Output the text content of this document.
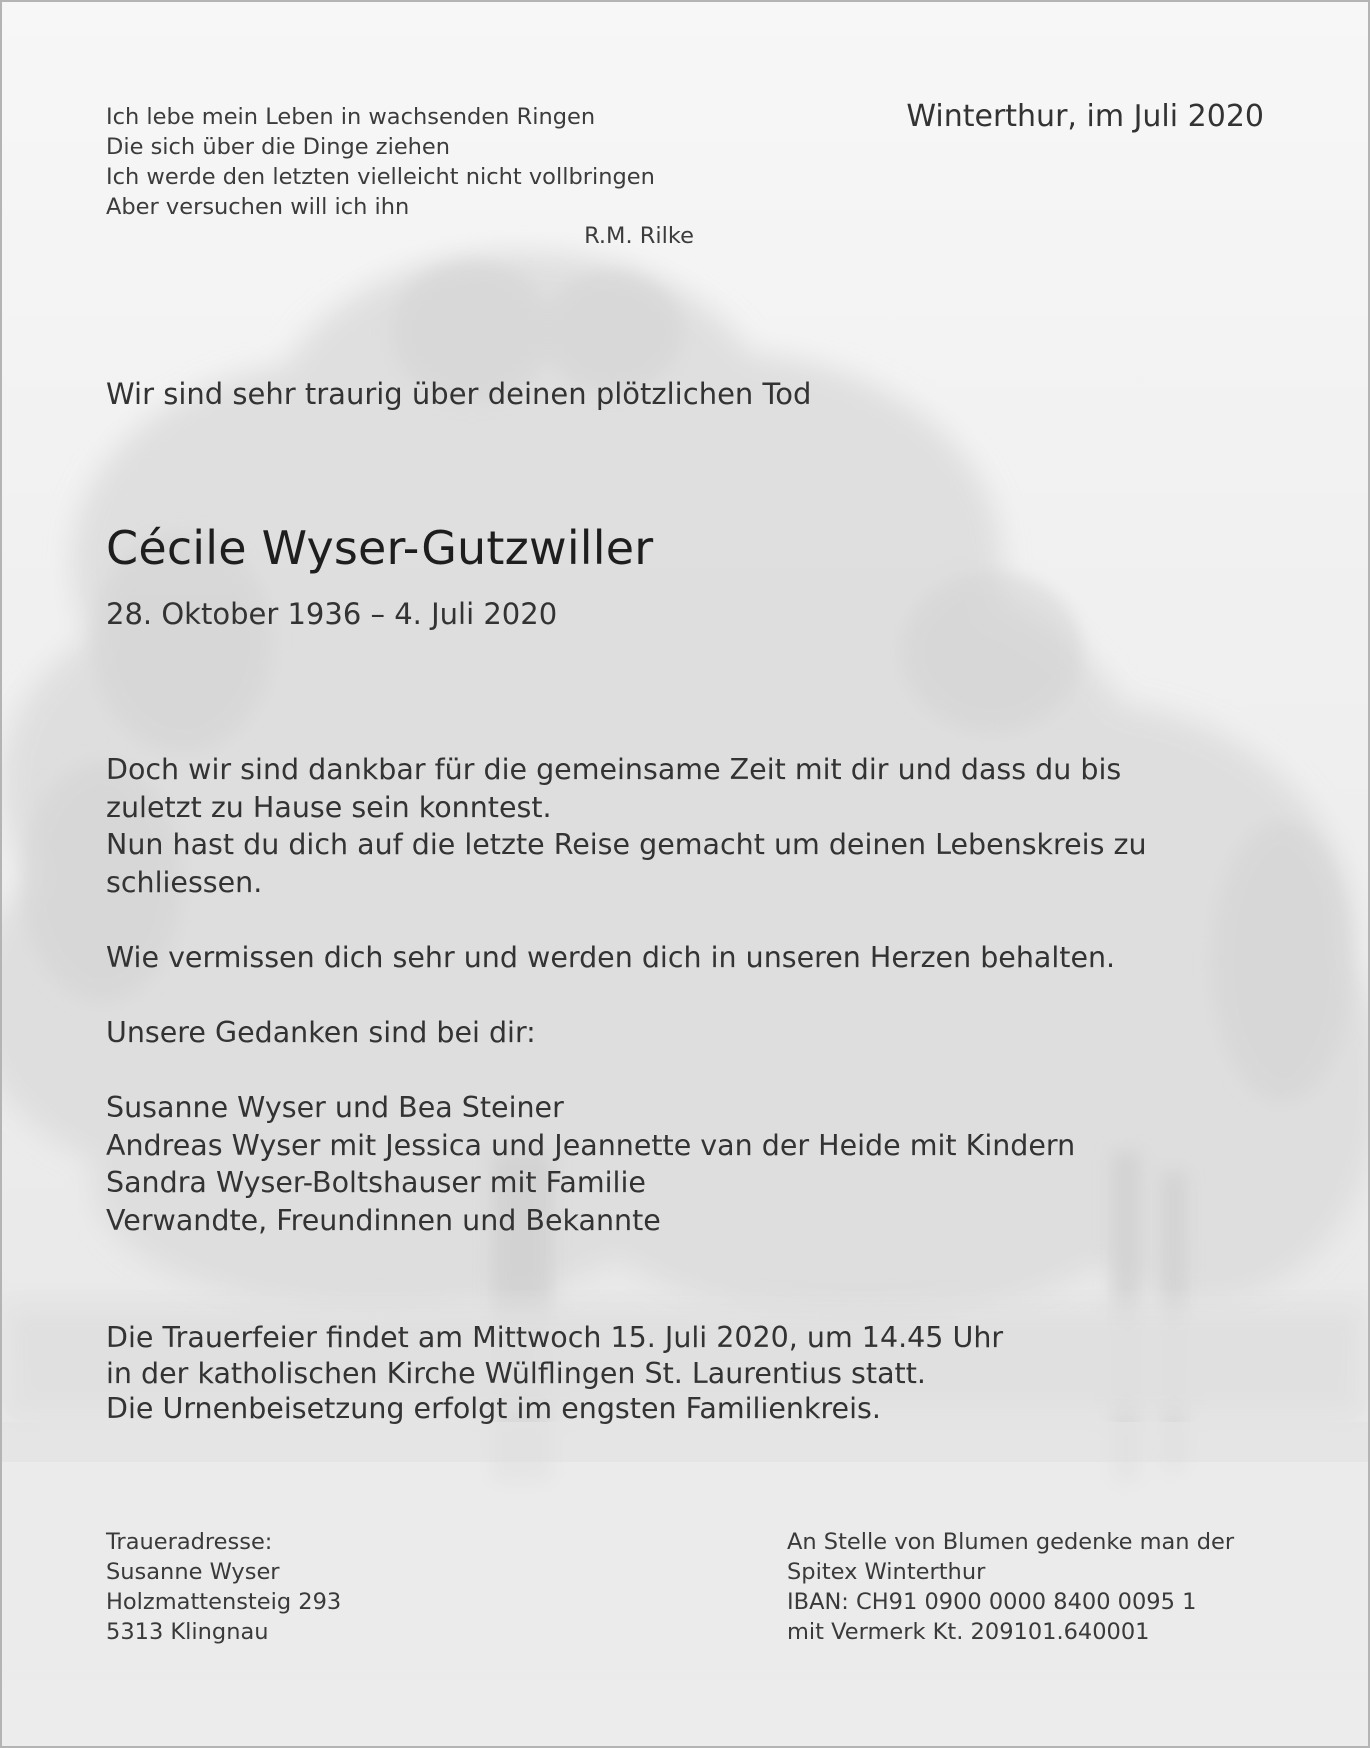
Ich lebe mein Leben in wachsenden Ringen
Die sich über die Dinge ziehen
Ich werde den letzten vielleicht nicht vollbringen
Aber versuchen will ich ihn
R.M. Rilke
Winterthur, im Juli 2020
Wir sind sehr traurig über deinen plötzlichen Tod
Cécile Wyser-Gutzwiller
28. Oktober 1936 – 4. Juli 2020
Doch wir sind dankbar für die gemeinsame Zeit mit dir und dass du bis
zuletzt zu Hause sein konntest.
Nun hast du dich auf die letzte Reise gemacht um deinen Lebenskreis zu
schliessen.
Wie vermissen dich sehr und werden dich in unseren Herzen behalten.
Unsere Gedanken sind bei dir:
Susanne Wyser und Bea Steiner
Andreas Wyser mit Jessica und Jeannette van der Heide mit Kindern
Sandra Wyser-Boltshauser mit Familie
Verwandte, Freundinnen und Bekannte
Die Trauerfeier findet am Mittwoch 15. Juli 2020, um 14.45 Uhr
in der katholischen Kirche Wülflingen St. Laurentius statt.
Die Urnenbeisetzung erfolgt im engsten Familienkreis.
Traueradresse:
Susanne Wyser
Holzmattensteig 293
5313 Klingnau
An Stelle von Blumen gedenke man der
Spitex Winterthur
IBAN: CH91 0900 0000 8400 0095 1
mit Vermerk Kt. 209101.640001
